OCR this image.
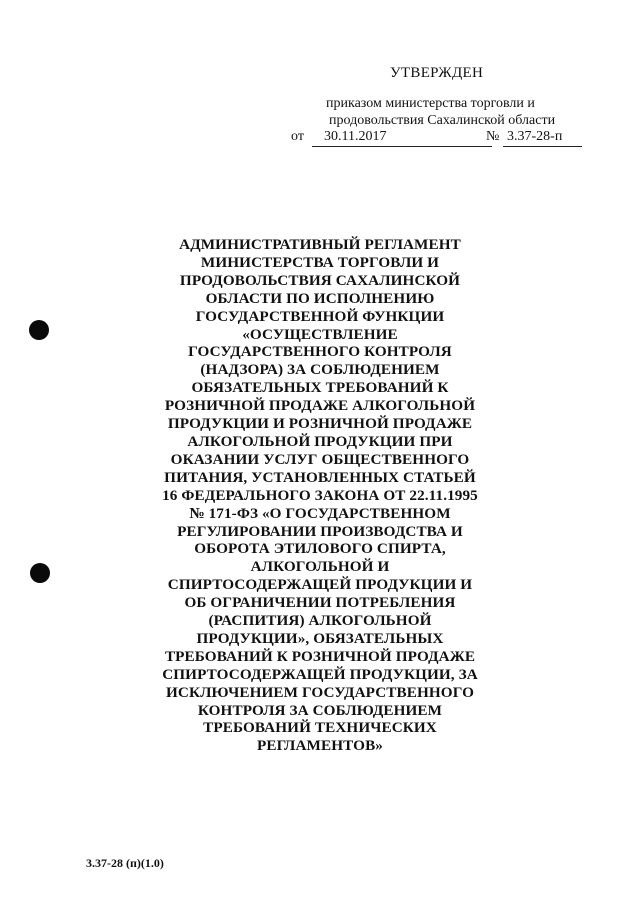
УТВЕРЖДЕН
приказом министерства торговли и
продовольствия Сахалинской области
от 30.11.2017	№ 3.37-28-п
АДМИНИСТРАТИВНЫЙ РЕГЛАМЕНТ
МИНИСТЕРСТВА ТОРГОВЛИ И
ПРОДОВОЛЬСТВИЯ САХАЛИНСКОЙ
ОБЛАСТИ ПО ИСПОЛНЕНИЮ
ГОСУДАРСТВЕННОЙ ФУНКЦИИ
«ОСУЩЕСТВЛЕНИЕ
ГОСУДАРСТВЕННОГО КОНТРОЛЯ
(НАДЗОРА) ЗА СОБЛЮДЕНИЕМ
ОБЯЗАТЕЛЬНЫХ ТРЕБОВАНИЙ К
РОЗНИЧНОЙ ПРОДАЖЕ АЛКОГОЛЬНОЙ
ПРОДУКЦИИ И РОЗНИЧНОЙ ПРОДАЖЕ
АЛКОГОЛЬНОЙ ПРОДУКЦИИ ПРИ
ОКАЗАНИИ УСЛУГ ОБЩЕСТВЕННОГО
ПИТАНИЯ, УСТАНОВЛЕННЫХ СТАТЬЕЙ
16 ФЕДЕРАЛЬНОГО ЗАКОНА ОТ 22.11.1995
№ 171-ФЗ «О ГОСУДАРСТВЕННОМ
РЕГУЛИРОВАНИИ ПРОИЗВОДСТВА И
ОБОРОТА ЭТИЛОВОГО СПИРТА,
АЛКОГОЛЬНОЙ И
СПИРТОСОДЕРЖАЩЕЙ ПРОДУКЦИИ И
ОБ ОГРАНИЧЕНИИ ПОТРЕБЛЕНИЯ
(РАСПИТИЯ) АЛКОГОЛЬНОЙ
ПРОДУКЦИИ», ОБЯЗАТЕЛЬНЫХ
ТРЕБОВАНИЙ К РОЗНИЧНОЙ ПРОДАЖЕ
СПИРТОСОДЕРЖАЩЕЙ ПРОДУКЦИИ, ЗА
ИСКЛЮЧЕНИЕМ ГОСУДАРСТВЕННОГО
КОНТРОЛЯ ЗА СОБЛЮДЕНИЕМ
ТРЕБОВАНИЙ ТЕХНИЧЕСКИХ
РЕГЛАМЕНТОВ»
3.37-28 (п)(1.0)
